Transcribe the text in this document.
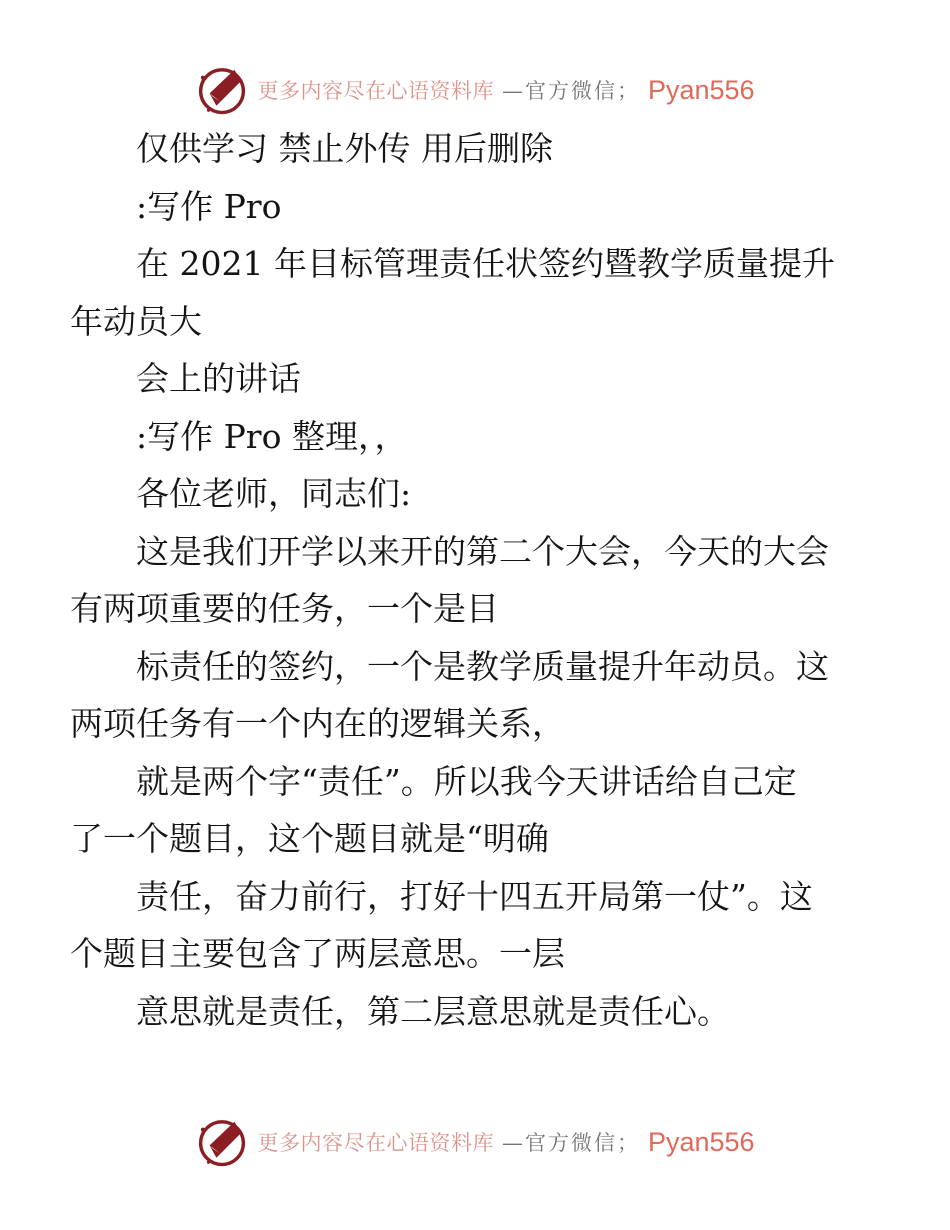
更多内容尽在心语资料库 —官方微信； Pyan556
仅供学习 禁止外传 用后删除
:写作 Pro
在 2021 年目标管理责任状签约暨教学质量提升
年动员大
会上的讲话
:写作 Pro 整理，，
各位老师，同志们:
这是我们开学以来开的第二个大会，今天的大会
有两项重要的任务，一个是目
标责任的签约，一个是教学质量提升年动员。这
两项任务有一个内在的逻辑关系，
就是两个字“责任”。所以我今天讲话给自己定
了一个题目，这个题目就是“明确
责任，奋力前行，打好十四五开局第一仗”。这
个题目主要包含了两层意思。一层
意思就是责任，第二层意思就是责任心。
更多内容尽在心语资料库 —官方微信； Pyan556
